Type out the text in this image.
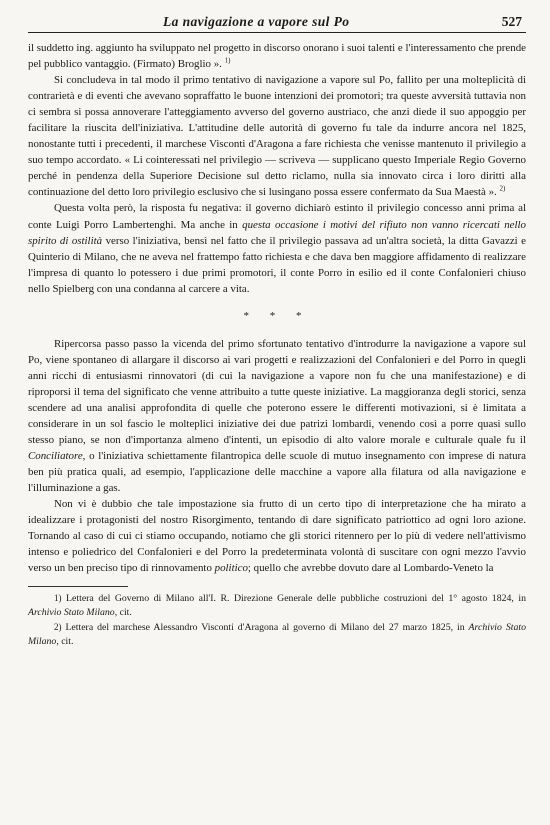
La navigazione a vapore sul Po	527

il suddetto ing. aggiunto ha sviluppato nel progetto in discorso onorano i suoi talenti e l'interessamento che prende pel pubblico vantaggio. (Firmato) Broglio ». $^{1)}$

Si concludeva in tal modo il primo tentativo di navigazione a vapore sul Po, fallito per una molteplicità di contrarietà e di eventi che avevano sopraffatto le buone intenzioni dei promotori; tra queste avversità tuttavia non ci sembra si possa annoverare l'atteggiamento avverso del governo austriaco, che anzi diede il suo appoggio per facilitare la riuscita dell'iniziativa. L'attitudine delle autorità di governo fu tale da indurre ancora nel 1825, nonostante tutti i precedenti, il marchese Visconti d'Aragona a fare richiesta che venisse mantenuto il privilegio a suo tempo accordato. « Li cointeressati nel privilegio — scriveva — supplicano questo Imperiale Regio Governo perché in pendenza della Superiore Decisione sul detto riclamo, nulla sia innovato circa i loro diritti alla continuazione del detto loro privilegio esclusivo che si lusingano possa essere confermato da Sua Maestà ». $^{2)}$

Questa volta però, la risposta fu negativa: il governo dichiarò estinto il privilegio concesso anni prima al conte Luigi Porro Lambertenghi. Ma anche in questa occasione i motivi del rifiuto non vanno ricercati nello spirito di ostilità verso l'iniziativa, bensì nel fatto che il privilegio passava ad un'altra società, la ditta Gavazzi e Quinterio di Milano, che ne aveva nel frattempo fatto richiesta e che dava ben maggiore affidamento di realizzare l'impresa di quanto lo potessero i due primi promotori, il conte Porro in esilio ed il conte Confalonieri chiuso nello Spielberg con una condanna al carcere a vita.

* * *

Ripercorsa passo passo la vicenda del primo sfortunato tentativo d'introdurre la navigazione a vapore sul Po, viene spontaneo di allargare il discorso ai vari progetti e realizzazioni del Confalonieri e del Porro in quegli anni ricchi di entusiasmi rinnovatori (di cui la navigazione a vapore non fu che una manifestazione) e di riproporsi il tema del significato che venne attribuito a tutte queste iniziative. La maggioranza degli storici, senza scendere ad una analisi approfondita di quelle che poterono essere le differenti motivazioni, si è limitata a considerare in un sol fascio le molteplici iniziative dei due patrizi lombardi, venendo così a porre quasi sullo stesso piano, se non d'importanza almeno d'intenti, un episodio di alto valore morale e culturale quale fu il Conciliatore, o l'iniziativa schiettamente filantropica delle scuole di mutuo insegnamento con imprese di natura ben più pratica quali, ad esempio, l'applicazione delle macchine a vapore alla filatura od alla navigazione e l'illuminazione a gas.

Non vi è dubbio che tale impostazione sia frutto di un certo tipo di interpretazione che ha mirato a idealizzare i protagonisti del nostro Risorgimento, tentando di dare significato patriottico ad ogni loro azione. Tornando al caso di cui ci stiamo occupando, notiamo che gli storici ritennero per lo più di vedere nell'attivismo intenso e poliedrico del Confalonieri e del Porro la predeterminata volontà di suscitare con ogni mezzo l'avvio verso un ben preciso tipo di rinnovamento politico; quello che avrebbe dovuto dare al Lombardo-Veneto la

1) Lettera del Governo di Milano all'I. R. Direzione Generale delle pubbliche costruzioni del 1° agosto 1824, in Archivio Stato Milano, cit.

2) Lettera del marchese Alessandro Visconti d'Aragona al governo di Milano del 27 marzo 1825, in Archivio Stato Milano, cit.
